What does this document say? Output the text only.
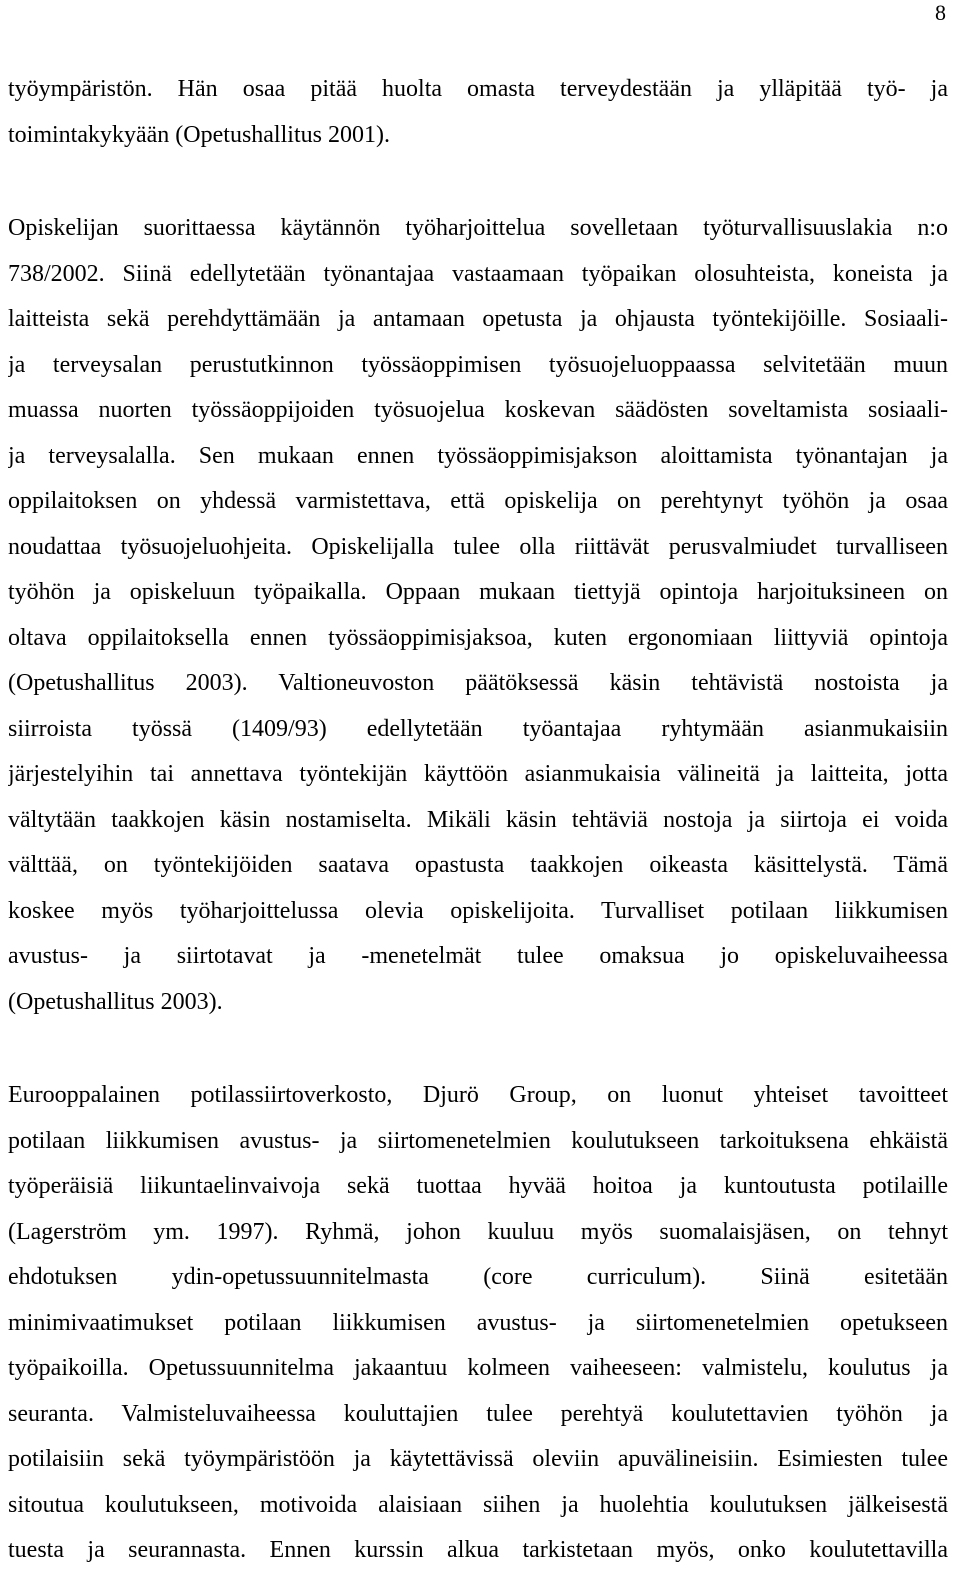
8
työympäristön. Hän osaa pitää huolta omasta terveydestään ja ylläpitää työ- ja
toimintakykyään (Opetushallitus 2001).
Opiskelijan suorittaessa käytännön työharjoittelua sovelletaan työturvallisuuslakia n:o
738/2002. Siinä edellytetään työnantajaa vastaamaan työpaikan olosuhteista, koneista ja
laitteista sekä perehdyttämään ja antamaan opetusta ja ohjausta työntekijöille. Sosiaali-
ja terveysalan perustutkinnon työssäoppimisen työsuojeluoppaassa selvitetään muun
muassa nuorten työssäoppijoiden työsuojelua koskevan säädösten soveltamista sosiaali-
ja terveysalalla. Sen mukaan ennen työssäoppimisjakson aloittamista työnantajan ja
oppilaitoksen on yhdessä varmistettava, että opiskelija on perehtynyt työhön ja osaa
noudattaa työsuojeluohjeita. Opiskelijalla tulee olla riittävät perusvalmiudet turvalliseen
työhön ja opiskeluun työpaikalla. Oppaan mukaan tiettyjä opintoja harjoituksineen on
oltava oppilaitoksella ennen työssäoppimisjaksoa, kuten ergonomiaan liittyviä opintoja
(Opetushallitus 2003). Valtioneuvoston päätöksessä käsin tehtävistä nostoista ja
siirroista työssä (1409/93) edellytetään työantajaa ryhtymään asianmukaisiin
järjestelyihin tai annettava työntekijän käyttöön asianmukaisia välineitä ja laitteita, jotta
vältytään taakkojen käsin nostamiselta. Mikäli käsin tehtäviä nostoja ja siirtoja ei voida
välttää, on työntekijöiden saatava opastusta taakkojen oikeasta käsittelystä. Tämä
koskee myös työharjoittelussa olevia opiskelijoita. Turvalliset potilaan liikkumisen
avustus- ja siirtotavat ja -menetelmät tulee omaksua jo opiskeluvaiheessa
(Opetushallitus 2003).
Eurooppalainen potilassiirtoverkosto, Djurö Group, on luonut yhteiset tavoitteet
potilaan liikkumisen avustus- ja siirtomenetelmien koulutukseen tarkoituksena ehkäistä
työperäisiä liikuntaelinvaivoja sekä tuottaa hyvää hoitoa ja kuntoutusta potilaille
(Lagerström ym. 1997). Ryhmä, johon kuuluu myös suomalaisjäsen, on tehnyt
ehdotuksen ydin-opetussuunnitelmasta (core curriculum). Siinä esitetään
minimivaatimukset potilaan liikkumisen avustus- ja siirtomenetelmien opetukseen
työpaikoilla. Opetussuunnitelma jakaantuu kolmeen vaiheeseen: valmistelu, koulutus ja
seuranta. Valmisteluvaiheessa kouluttajien tulee perehtyä koulutettavien työhön ja
potilaisiin sekä työympäristöön ja käytettävissä oleviin apuvälineisiin. Esimiesten tulee
sitoutua koulutukseen, motivoida alaisiaan siihen ja huolehtia koulutuksen jälkeisestä
tuesta ja seurannasta. Ennen kurssin alkua tarkistetaan myös, onko koulutettavilla
